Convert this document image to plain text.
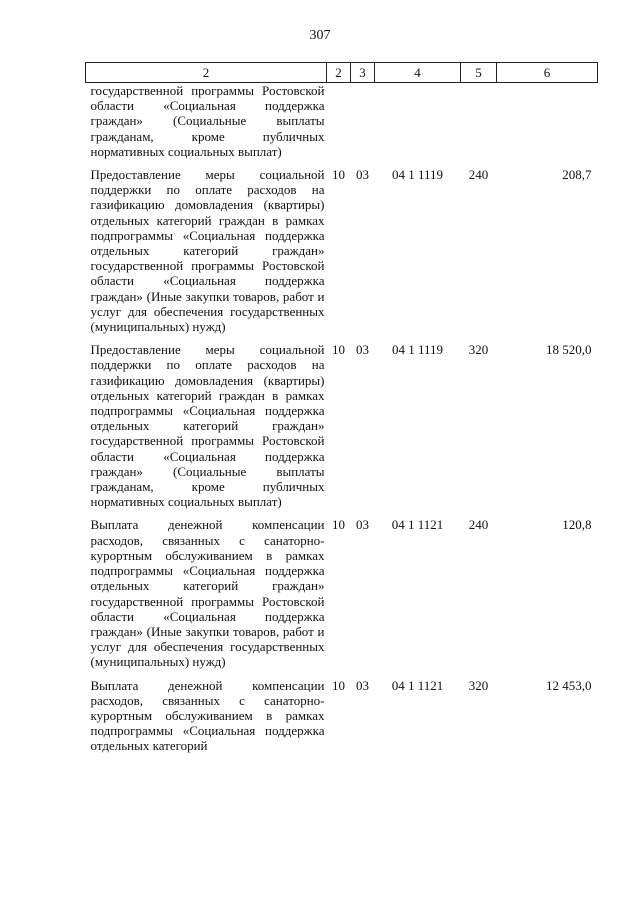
307
2	2	3	4	5	6
государственной программы Ростовской области «Социальная поддержка граждан» (Социальные выплаты гражданам, кроме публичных нормативных социальных выплат)					
Предоставление меры социальной поддержки по оплате расходов на газификацию домовладения (квартиры) отдельных категорий граждан в рамках подпрограммы «Социальная поддержка отдельных категорий граждан» государственной программы Ростовской области «Социальная поддержка граждан» (Иные закупки товаров, работ и услуг для обеспечения государственных (муниципальных) нужд)	10	03	04 1 1119	240	208,7
Предоставление меры социальной поддержки по оплате расходов на газификацию домовладения (квартиры) отдельных категорий граждан в рамках подпрограммы «Социальная поддержка отдельных категорий граждан» государственной программы Ростовской области «Социальная поддержка граждан» (Социальные выплаты гражданам, кроме публичных нормативных социальных выплат)	10	03	04 1 1119	320	18 520,0
Выплата денежной компенсации расходов, связанных с санаторно-курортным обслуживанием в рамках подпрограммы «Социальная поддержка отдельных категорий граждан» государственной программы Ростовской области «Социальная поддержка граждан» (Иные закупки товаров, работ и услуг для обеспечения государственных (муниципальных) нужд)	10	03	04 1 1121	240	120,8
Выплата денежной компенсации расходов, связанных с санаторно-курортным обслуживанием в рамках подпрограммы «Социальная поддержка отдельных категорий	10	03	04 1 1121	320	12 453,0
